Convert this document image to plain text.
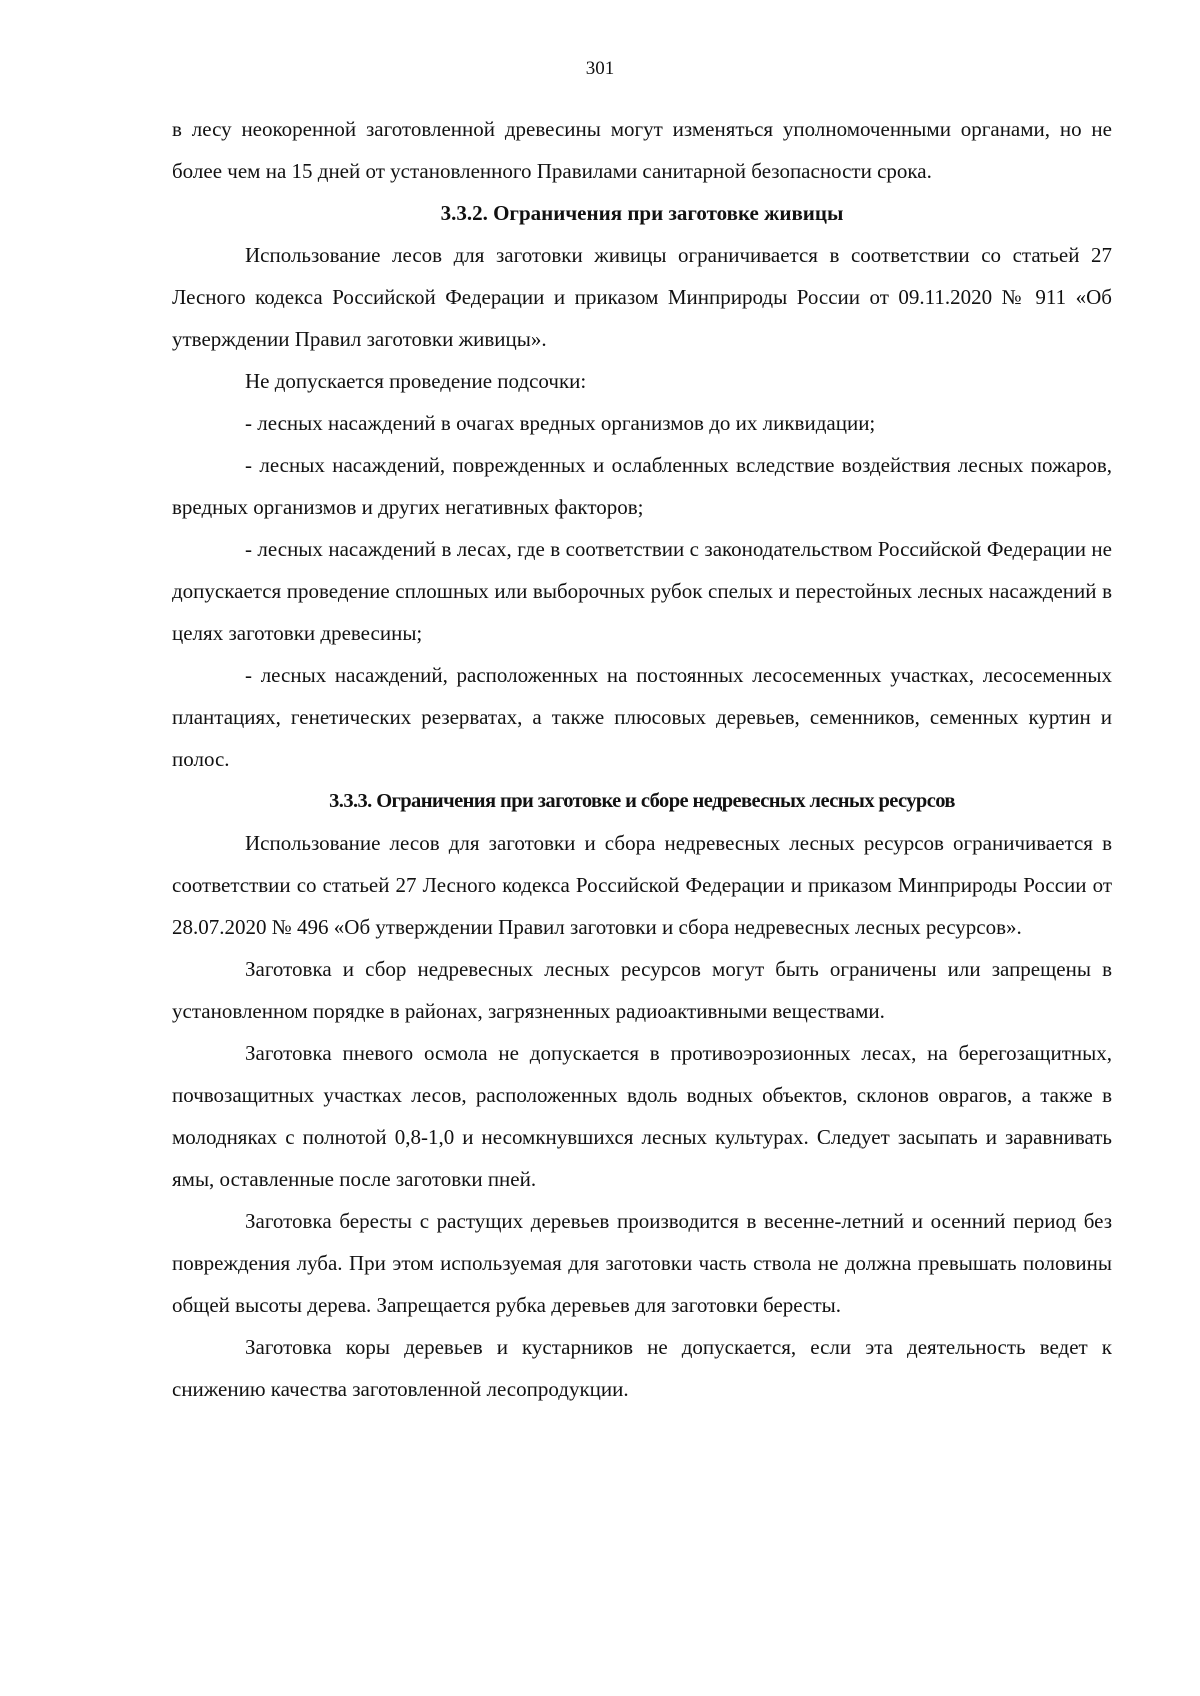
301

в лесу неокоренной заготовленной древесины могут изменяться уполномоченными органами, но не более чем на 15 дней от установленного Правилами санитарной безопасности срока.

3.3.2. Ограничения при заготовке живицы

Использование лесов для заготовки живицы ограничивается в соответствии со статьей 27 Лесного кодекса Российской Федерации и приказом Минприроды России от 09.11.2020 № 911 «Об утверждении Правил заготовки живицы».

Не допускается проведение подсочки:

- лесных насаждений в очагах вредных организмов до их ликвидации;

- лесных насаждений, поврежденных и ослабленных вследствие воздействия лесных пожаров, вредных организмов и других негативных факторов;

- лесных насаждений в лесах, где в соответствии с законодательством Российской Федерации не допускается проведение сплошных или выборочных рубок спелых и перестойных лесных насаждений в целях заготовки древесины;

- лесных насаждений, расположенных на постоянных лесосеменных участках, лесосеменных плантациях, генетических резерватах, а также плюсовых деревьев, семенников, семенных куртин и полос.

3.3.3. Ограничения при заготовке и сборе недревесных лесных ресурсов

Использование лесов для заготовки и сбора недревесных лесных ресурсов ограничивается в соответствии со статьей 27 Лесного кодекса Российской Федерации и приказом Минприроды России от 28.07.2020 № 496 «Об утверждении Правил заготовки и сбора недревесных лесных ресурсов».

Заготовка и сбор недревесных лесных ресурсов могут быть ограничены или запрещены в установленном порядке в районах, загрязненных радиоактивными веществами.

Заготовка пневого осмола не допускается в противоэрозионных лесах, на берегозащитных, почвозащитных участках лесов, расположенных вдоль водных объектов, склонов оврагов, а также в молодняках с полнотой 0,8-1,0 и несомкнувшихся лесных культурах. Следует засыпать и заравнивать ямы, оставленные после заготовки пней.

Заготовка бересты с растущих деревьев производится в весенне-летний и осенний период без повреждения луба. При этом используемая для заготовки часть ствола не должна превышать половины общей высоты дерева. Запрещается рубка деревьев для заготовки бересты.

Заготовка коры деревьев и кустарников не допускается, если эта деятельность ведет к снижению качества заготовленной лесопродукции.
